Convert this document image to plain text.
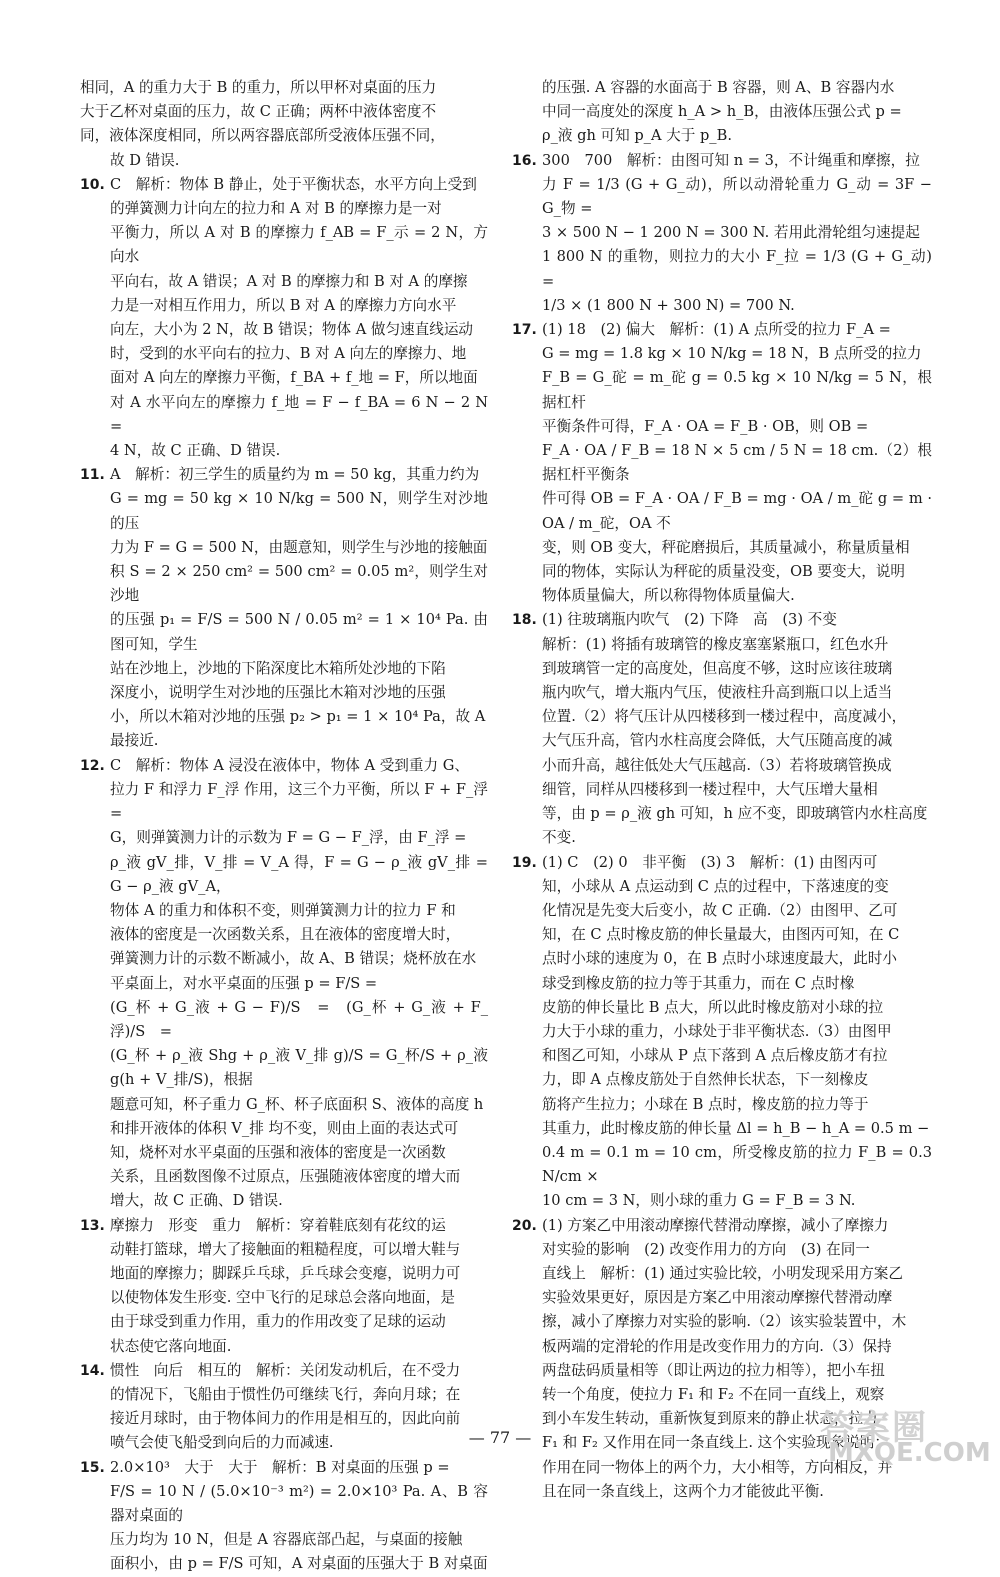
相同，A 的重力大于 B 的重力，所以甲杯对桌面的压力

大于乙杯对桌面的压力，故 C 正确；两杯中液体密度不

同，液体深度相同，所以两容器底部所受液体压强不同，

故 D 错误.

10. C　解析：物体 B 静止，处于平衡状态，水平方向上受到

的弹簧测力计向左的拉力和 A 对 B 的摩擦力是一对

平衡力，所以 A 对 B 的摩擦力 f_AB = F_示 = 2 N，方向水

平向右，故 A 错误；A 对 B 的摩擦力和 B 对 A 的摩擦

力是一对相互作用力，所以 B 对 A 的摩擦力方向水平

向左，大小为 2 N，故 B 错误；物体 A 做匀速直线运动

时，受到的水平向右的拉力、B 对 A 向左的摩擦力、地

面对 A 向左的摩擦力平衡，f_BA + f_地 = F，所以地面

对 A 水平向左的摩擦力 f_地 = F − f_BA = 6 N − 2 N =

4 N，故 C 正确、D 错误.

11. A　解析：初三学生的质量约为 m = 50 kg，其重力约为

G = mg = 50 kg × 10 N/kg = 500 N，则学生对沙地的压

力为 F = G = 500 N，由题意知，则学生与沙地的接触面

积 S = 2 × 250 cm² = 500 cm² = 0.05 m²，则学生对沙地

的压强 p₁ = F/S = 500 N / 0.05 m² = 1 × 10⁴ Pa. 由图可知，学生

站在沙地上，沙地的下陷深度比木箱所处沙地的下陷

深度小，说明学生对沙地的压强比木箱对沙地的压强

小，所以木箱对沙地的压强 p₂ > p₁ = 1 × 10⁴ Pa，故 A

最接近.

12. C　解析：物体 A 浸没在液体中，物体 A 受到重力 G、

拉力 F 和浮力 F_浮 作用，这三个力平衡，所以 F + F_浮 =

G，则弹簧测力计的示数为 F = G − F_浮，由 F_浮 =

ρ_液 gV_排，V_排 = V_A 得，F = G − ρ_液 gV_排 = G − ρ_液 gV_A，

物体 A 的重力和体积不变，则弹簧测力计的拉力 F 和

液体的密度是一次函数关系，且在液体的密度增大时，

弹簧测力计的示数不断减小，故 A、B 错误；烧杯放在水

平桌面上，对水平桌面的压强 p = F/S =

(G_杯 + G_液 + G − F)/S　=　(G_杯 + G_液 + F_浮)/S　=

(G_杯 + ρ_液 Shg + ρ_液 V_排 g)/S = G_杯/S + ρ_液 g(h + V_排/S)，根据

题意可知，杯子重力 G_杯、杯子底面积 S、液体的高度 h

和排开液体的体积 V_排 均不变，则由上面的表达式可

知，烧杯对水平桌面的压强和液体的密度是一次函数

关系，且函数图像不过原点，压强随液体密度的增大而

增大，故 C 正确、D 错误.

13. 摩擦力　形变　重力　解析：穿着鞋底刻有花纹的运

动鞋打篮球，增大了接触面的粗糙程度，可以增大鞋与

地面的摩擦力；脚踩乒乓球，乒乓球会变瘪，说明力可

以使物体发生形变. 空中飞行的足球总会落向地面，是

由于球受到重力作用，重力的作用改变了足球的运动

状态使它落向地面.

14. 惯性　向后　相互的　解析：关闭发动机后，在不受力

的情况下，飞船由于惯性仍可继续飞行，奔向月球；在

接近月球时，由于物体间力的作用是相互的，因此向前

喷气会使飞船受到向后的力而减速.

15. 2.0×10³　大于　大于　解析：B 对桌面的压强 p =

F/S = 10 N / (5.0×10⁻³ m²) = 2.0×10³ Pa. A、B 容器对桌面的

压力均为 10 N，但是 A 容器底部凸起，与桌面的接触

面积小，由 p = F/S 可知，A 对桌面的压强大于 B 对桌面

的压强. A 容器的水面高于 B 容器，则 A、B 容器内水

中同一高度处的深度 h_A > h_B，由液体压强公式 p =

ρ_液 gh 可知 p_A 大于 p_B.

16. 300　700　解析：由图可知 n = 3，不计绳重和摩擦，拉

力 F = 1/3 (G + G_动)，所以动滑轮重力 G_动 = 3F − G_物 =

3 × 500 N − 1 200 N = 300 N. 若用此滑轮组匀速提起

1 800 N 的重物，则拉力的大小 F_拉 = 1/3 (G + G_动) =

1/3 × (1 800 N + 300 N) = 700 N.

17. (1) 18　(2) 偏大　解析：(1) A 点所受的拉力 F_A =

G = mg = 1.8 kg × 10 N/kg = 18 N，B 点所受的拉力

F_B = G_砣 = m_砣 g = 0.5 kg × 10 N/kg = 5 N，根据杠杆

平衡条件可得，F_A · OA = F_B · OB，则 OB =

F_A · OA / F_B = 18 N × 5 cm / 5 N = 18 cm.（2）根据杠杆平衡条

件可得 OB = F_A · OA / F_B = mg · OA / m_砣 g = m · OA / m_砣，OA 不

变，则 OB 变大，秤砣磨损后，其质量减小，称量质量相

同的物体，实际认为秤砣的质量没变，OB 要变大，说明

物体质量偏大，所以称得物体质量偏大.

18. (1) 往玻璃瓶内吹气　(2) 下降　高　(3) 不变

解析：(1) 将插有玻璃管的橡皮塞塞紧瓶口，红色水升

到玻璃管一定的高度处，但高度不够，这时应该往玻璃

瓶内吹气，增大瓶内气压，使液柱升高到瓶口以上适当

位置.（2）将气压计从四楼移到一楼过程中，高度减小，

大气压升高，管内水柱高度会降低，大气压随高度的减

小而升高，越往低处大气压越高.（3）若将玻璃管换成

细管，同样从四楼移到一楼过程中，大气压增大量相

等，由 p = ρ_液 gh 可知，h 应不变，即玻璃管内水柱高度

不变.

19. (1) C　(2) 0　非平衡　(3) 3　解析：(1) 由图丙可

知，小球从 A 点运动到 C 点的过程中，下落速度的变

化情况是先变大后变小，故 C 正确.（2）由图甲、乙可

知，在 C 点时橡皮筋的伸长量最大，由图丙可知，在 C

点时小球的速度为 0，在 B 点时小球速度最大，此时小

球受到橡皮筋的拉力等于其重力，而在 C 点时橡

皮筋的伸长量比 B 点大，所以此时橡皮筋对小球的拉

力大于小球的重力，小球处于非平衡状态.（3）由图甲

和图乙可知，小球从 P 点下落到 A 点后橡皮筋才有拉

力，即 A 点橡皮筋处于自然伸长状态，下一刻橡皮

筋将产生拉力；小球在 B 点时，橡皮筋的拉力等于

其重力，此时橡皮筋的伸长量 Δl = h_B − h_A = 0.5 m −

0.4 m = 0.1 m = 10 cm，所受橡皮筋的拉力 F_B = 0.3 N/cm ×

10 cm = 3 N，则小球的重力 G = F_B = 3 N.

20. (1) 方案乙中用滚动摩擦代替滑动摩擦，减小了摩擦力

对实验的影响　(2) 改变作用力的方向　(3) 在同一

直线上　解析：(1) 通过实验比较，小明发现采用方案乙

实验效果更好，原因是方案乙中用滚动摩擦代替滑动摩

擦，减小了摩擦力对实验的影响.（2）该实验装置中，木

板两端的定滑轮的作用是改变作用力的方向.（3）保持

两盘砝码质量相等（即让两边的拉力相等），把小车扭

转一个角度，使拉力 F₁ 和 F₂ 不在同一直线上，观察

到小车发生转动，重新恢复到原来的静止状态，拉力

F₁ 和 F₂ 又作用在同一条直线上. 这个实验现象说明：

作用在同一物体上的两个力，大小相等，方向相反，并

且在同一条直线上，这两个力才能彼此平衡.

— 77 —	答案圈
MXQE.COM
